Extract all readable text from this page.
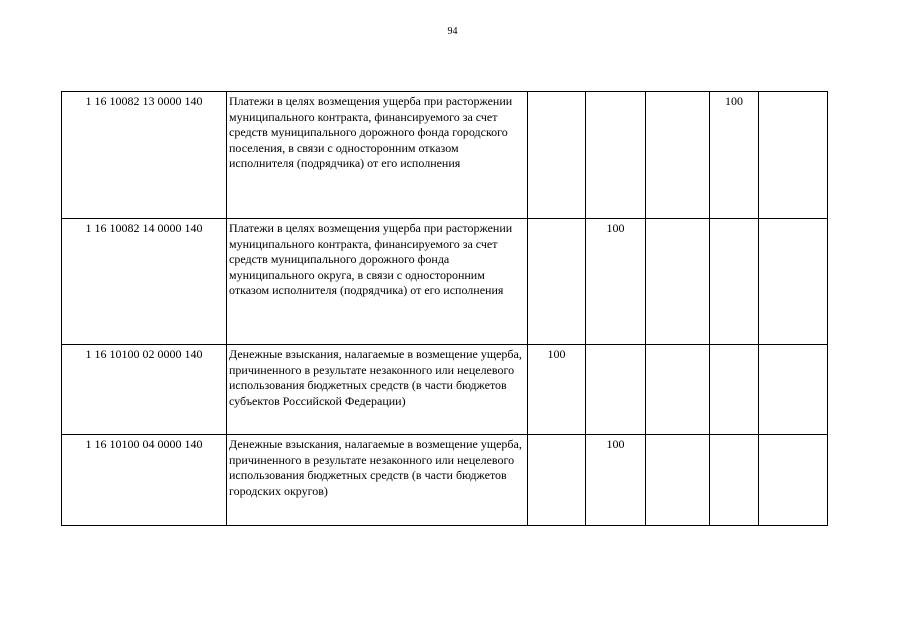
94
1 16 10082 13 0000 140	Платежи в целях возмещения ущерба при расторжении муниципального контракта, финансируемого за счет средств муниципального дорожного фонда городского поселения, в связи с односторонним отказом исполнителя (подрядчика) от его исполнения				100	
1 16 10082 14 0000 140	Платежи в целях возмещения ущерба при расторжении муниципального контракта, финансируемого за счет средств муниципального дорожного фонда муниципального округа, в связи с односторонним отказом исполнителя (подрядчика) от его исполнения		100			
1 16 10100 02 0000 140	Денежные взыскания, налагаемые в возмещение ущерба, причиненного в результате незаконного или нецелевого использования бюджетных средств (в части бюджетов субъектов Российской Федерации)	100				
1 16 10100 04 0000 140	Денежные взыскания, налагаемые в возмещение ущерба, причиненного в результате незаконного или нецелевого использования бюджетных средств (в части бюджетов городских округов)		100			
